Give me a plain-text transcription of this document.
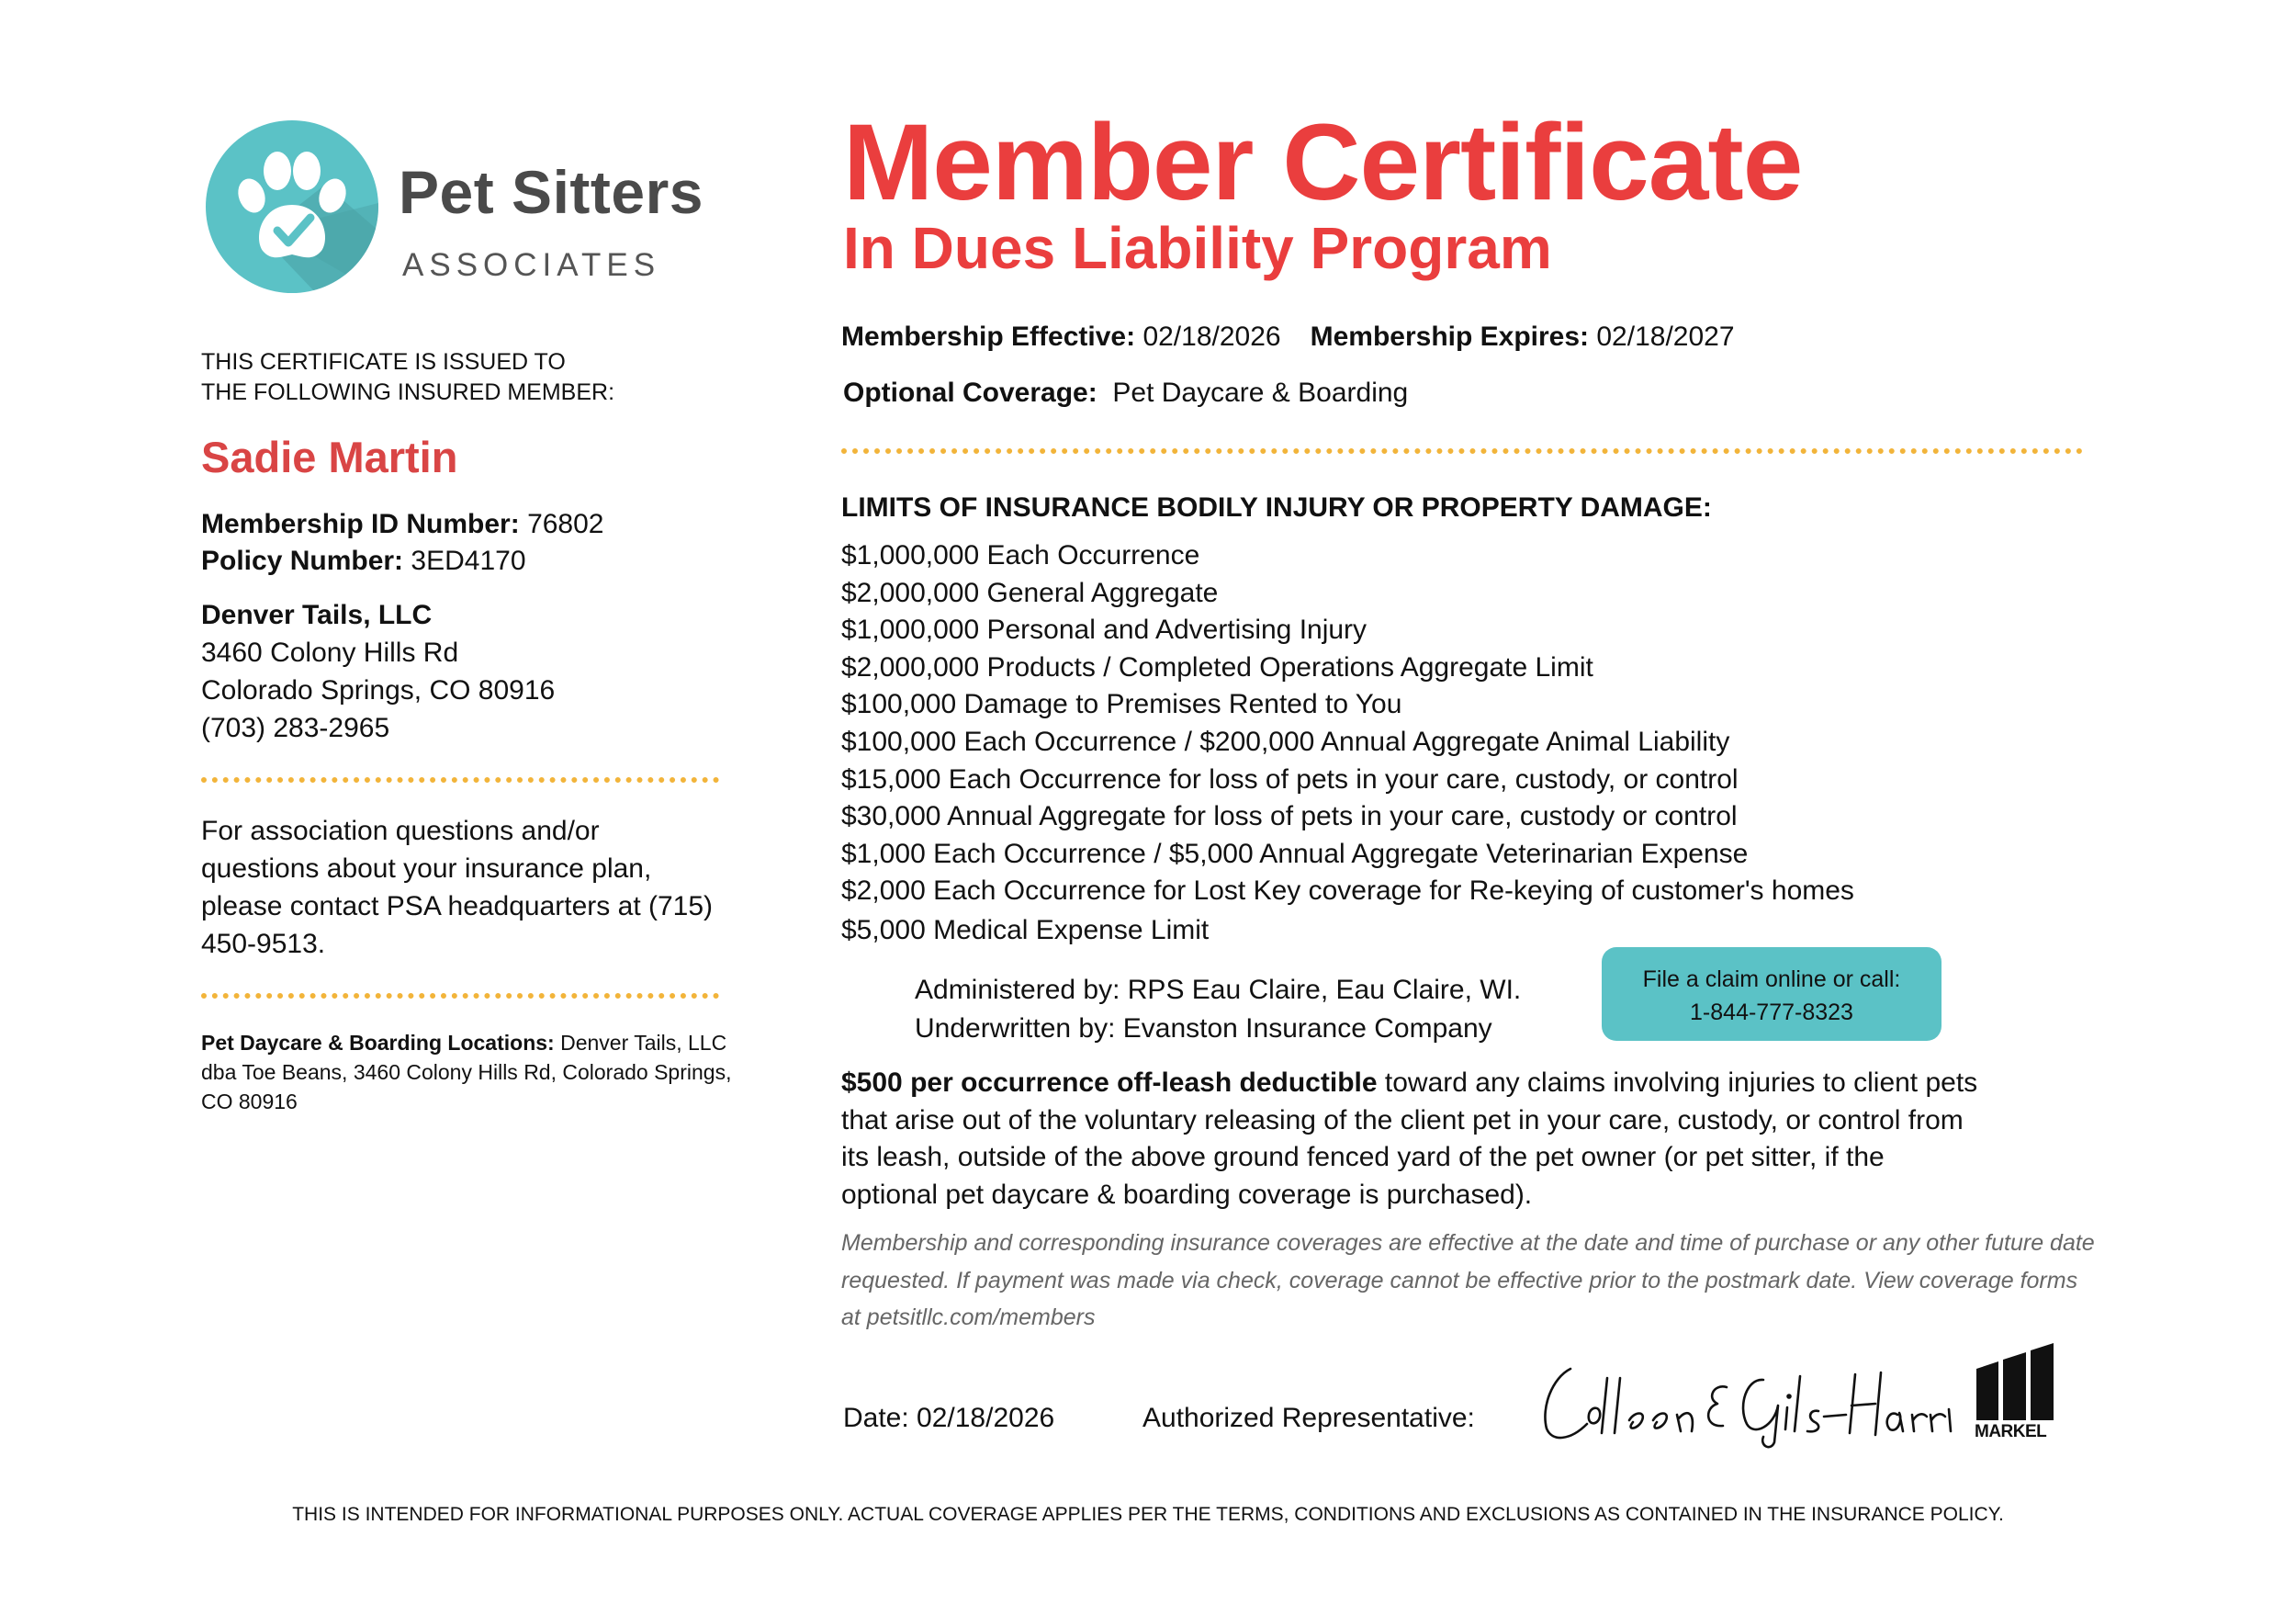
Pet Sitters
ASSOCIATES
Member Certificate
In Dues Liability Program
THIS CERTIFICATE IS ISSUED TO
THE FOLLOWING INSURED MEMBER:
Sadie Martin
Membership ID Number: 76802
Policy Number: 3ED4170
Denver Tails, LLC
3460 Colony Hills Rd
Colorado Springs, CO 80916
(703) 283-2965
For association questions and/or questions about your insurance plan, please contact PSA headquarters at (715) 450-9513.
Pet Daycare & Boarding Locations: Denver Tails, LLC dba Toe Beans, 3460 Colony Hills Rd, Colorado Springs, CO 80916
Membership Effective: 02/18/2026 Membership Expires: 02/18/2027
Optional Coverage: Pet Daycare & Boarding
LIMITS OF INSURANCE BODILY INJURY OR PROPERTY DAMAGE:
$1,000,000 Each Occurrence
$2,000,000 General Aggregate
$1,000,000 Personal and Advertising Injury
$2,000,000 Products / Completed Operations Aggregate Limit
$100,000 Damage to Premises Rented to You
$100,000 Each Occurrence / $200,000 Annual Aggregate Animal Liability
$15,000 Each Occurrence for loss of pets in your care, custody, or control
$30,000 Annual Aggregate for loss of pets in your care, custody or control
$1,000 Each Occurrence / $5,000 Annual Aggregate Veterinarian Expense
$2,000 Each Occurrence for Lost Key coverage for Re-keying of customer's homes
$5,000 Medical Expense Limit
Administered by: RPS Eau Claire, Eau Claire, WI.
Underwritten by: Evanston Insurance Company
File a claim online or call:
1-844-777-8323
$500 per occurrence off-leash deductible toward any claims involving injuries to client pets that arise out of the voluntary releasing of the client pet in your care, custody, or control from its leash, outside of the above ground fenced yard of the pet owner (or pet sitter, if the optional pet daycare & boarding coverage is purchased).
Membership and corresponding insurance coverages are effective at the date and time of purchase or any other future date requested. If payment was made via check, coverage cannot be effective prior to the postmark date. View coverage forms at petsitllc.com/members
Date: 02/18/2026	Authorized Representative:	MARKEL
THIS IS INTENDED FOR INFORMATIONAL PURPOSES ONLY. ACTUAL COVERAGE APPLIES PER THE TERMS, CONDITIONS AND EXCLUSIONS AS CONTAINED IN THE INSURANCE POLICY.
